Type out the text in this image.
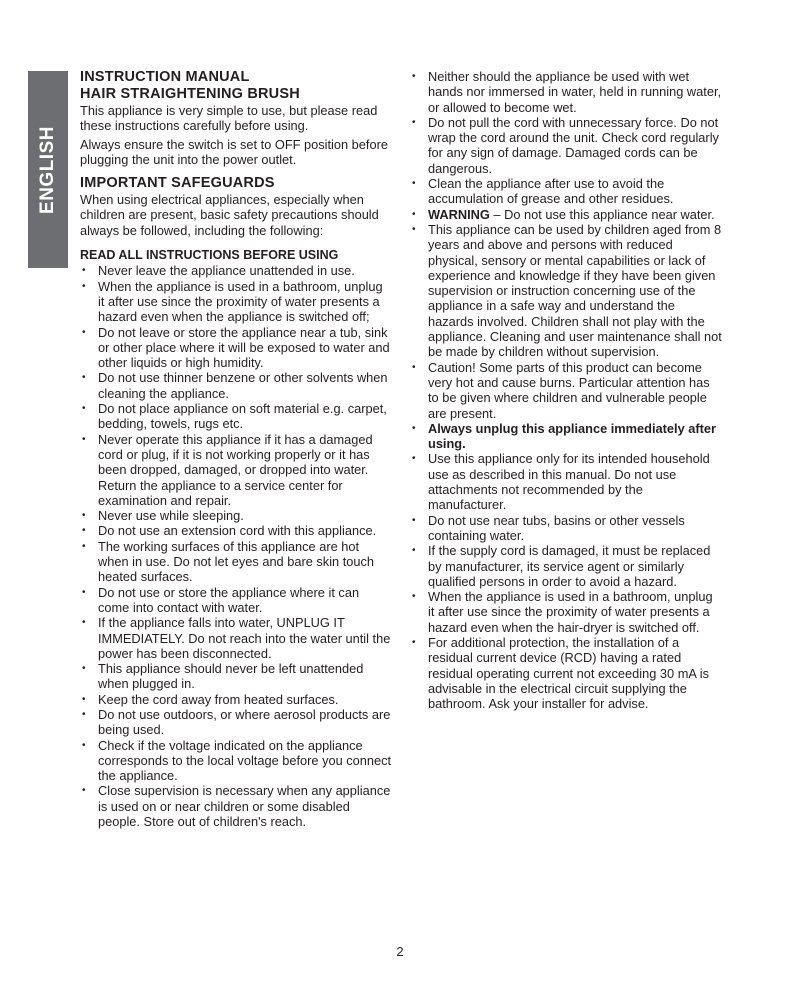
ENGLISH
INSTRUCTION MANUAL
HAIR STRAIGHTENING BRUSH

This appliance is very simple to use, but please read these instructions carefully before using.

Always ensure the switch is set to OFF position before plugging the unit into the power outlet.

IMPORTANT SAFEGUARDS

When using electrical appliances, especially when children are present, basic safety precautions should always be followed, including the following:

READ ALL INSTRUCTIONS BEFORE USING
• Never leave the appliance unattended in use.
• When the appliance is used in a bathroom, unplug it after use since the proximity of water presents a hazard even when the appliance is switched off;
• Do not leave or store the appliance near a tub, sink or other place where it will be exposed to water and other liquids or high humidity.
• Do not use thinner benzene or other solvents when cleaning the appliance.
• Do not place appliance on soft material e.g. carpet, bedding, towels, rugs etc.
• Never operate this appliance if it has a damaged cord or plug, if it is not working properly or it has been dropped, damaged, or dropped into water. Return the appliance to a service center for examination and repair.
• Never use while sleeping.
• Do not use an extension cord with this appliance.
• The working surfaces of this appliance are hot when in use. Do not let eyes and bare skin touch heated surfaces.
• Do not use or store the appliance where it can come into contact with water.
• If the appliance falls into water, UNPLUG IT IMMEDIATELY. Do not reach into the water until the power has been disconnected.
• This appliance should never be left unattended when plugged in.
• Keep the cord away from heated surfaces.
• Do not use outdoors, or where aerosol products are being used.
• Check if the voltage indicated on the appliance corresponds to the local voltage before you connect the appliance.
• Close supervision is necessary when any appliance is used on or near children or some disabled people. Store out of children's reach.
• Neither should the appliance be used with wet hands nor immersed in water, held in running water, or allowed to become wet.
• Do not pull the cord with unnecessary force. Do not wrap the cord around the unit. Check cord regularly for any sign of damage. Damaged cords can be dangerous.
• Clean the appliance after use to avoid the accumulation of grease and other residues.
• WARNING – Do not use this appliance near water.
• This appliance can be used by children aged from 8 years and above and persons with reduced physical, sensory or mental capabilities or lack of experience and knowledge if they have been given supervision or instruction concerning use of the appliance in a safe way and understand the hazards involved. Children shall not play with the appliance. Cleaning and user maintenance shall not be made by children without supervision.
• Caution! Some parts of this product can become very hot and cause burns. Particular attention has to be given where children and vulnerable people are present.
• Always unplug this appliance immediately after using.
• Use this appliance only for its intended household use as described in this manual. Do not use attachments not recommended by the manufacturer.
• Do not use near tubs, basins or other vessels containing water.
• If the supply cord is damaged, it must be replaced by manufacturer, its service agent or similarly qualified persons in order to avoid a hazard.
• When the appliance is used in a bathroom, unplug it after use since the proximity of water presents a hazard even when the hair-dryer is switched off.
• For additional protection, the installation of a residual current device (RCD) having a rated residual operating current not exceeding 30 mA is advisable in the electrical circuit supplying the bathroom. Ask your installer for advise.
2
